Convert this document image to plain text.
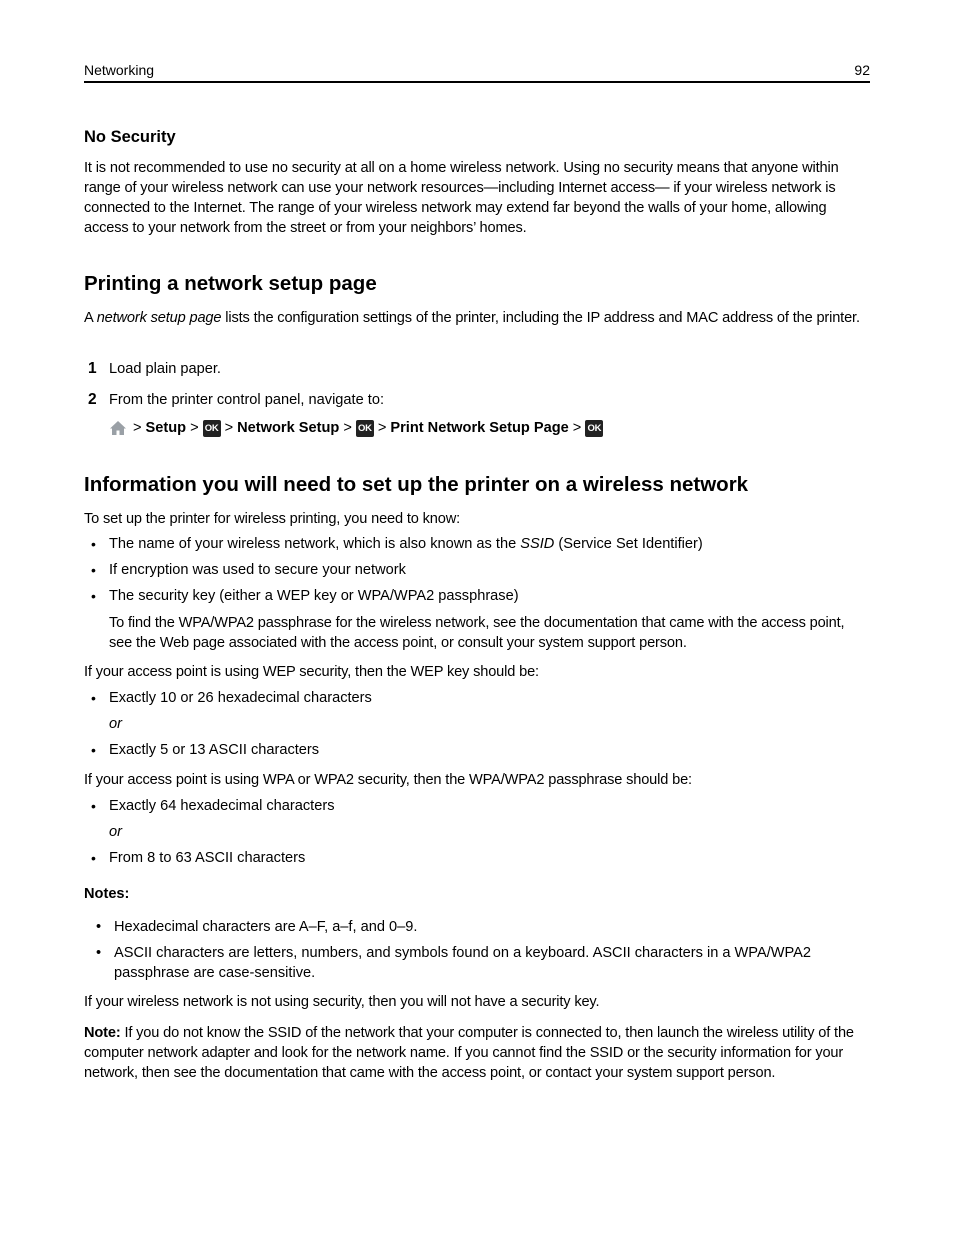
Networking	92
No Security

It is not recommended to use no security at all on a home wireless network. Using no security means that anyone within range of your wireless network can use your network resources—including Internet access— if your wireless network is connected to the Internet. The range of your wireless network may extend far beyond the walls of your home, allowing access to your network from the street or from your neighbors’ homes.

Printing a network setup page

A network setup page lists the configuration settings of the printer, including the IP address and MAC address of the printer.

1 Load plain paper.
2 From the printer control panel, navigate to:
> Setup > OK > Network Setup > OK > Print Network Setup Page > OK
Information you will need to set up the printer on a wireless network

To set up the printer for wireless printing, you need to know:

• The name of your wireless network, which is also known as the SSID (Service Set Identifier)
• If encryption was used to secure your network
• The security key (either a WEP key or WPA/WPA2 passphrase)

To find the WPA/WPA2 passphrase for the wireless network, see the documentation that came with the access point, see the Web page associated with the access point, or consult your system support person.

If your access point is using WEP security, then the WEP key should be:

• Exactly 10 or 26 hexadecimal characters
or
• Exactly 5 or 13 ASCII characters

If your access point is using WPA or WPA2 security, then the WPA/WPA2 passphrase should be:

• Exactly 64 hexadecimal characters
or
• From 8 to 63 ASCII characters

Notes:

• Hexadecimal characters are A–F, a–f, and 0–9.
• ASCII characters are letters, numbers, and symbols found on a keyboard. ASCII characters in a WPA/WPA2 passphrase are case-sensitive.

If your wireless network is not using security, then you will not have a security key.

Note: If you do not know the SSID of the network that your computer is connected to, then launch the wireless utility of the computer network adapter and look for the network name. If you cannot find the SSID or the security information for your network, then see the documentation that came with the access point, or contact your system support person.
